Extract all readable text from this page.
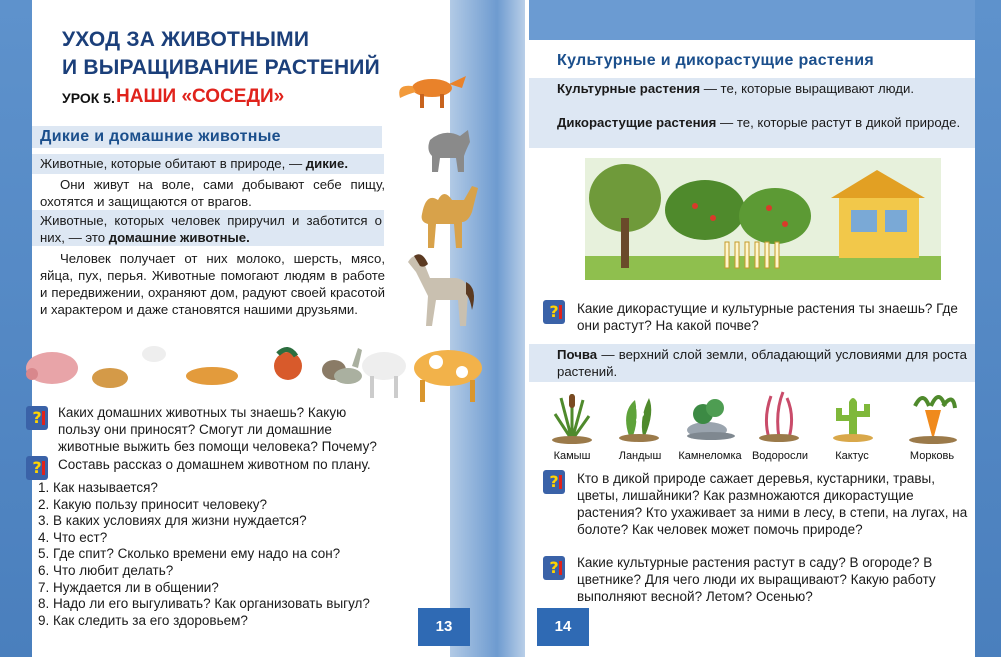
УХОД ЗА ЖИВОТНЫМИ
И ВЫРАЩИВАНИЕ РАСТЕНИЙ
УРОК 5. НАШИ «СОСЕДИ»
Дикие и домашние животные
Животные, которые обитают в природе, — дикие.
Они живут на воле, сами добывают себе пищу, охотятся и защищаются от врагов.
Животные, которых человек приручил и заботится о них, — это домашние животные.
Человек получает от них молоко, шерсть, мясо, яйца, пух, перья. Животные помогают людям в работе и передвижении, охраняют дом, радуют своей красотой и характером и даже становятся нашими друзьями.
?	Каких домашних животных ты знаешь? Какую пользу они приносят? Смогут ли домашние животные выжить без помощи человека? Почему?
?	Составь рассказ о домашнем животном по плану.
1. Как называется?
2. Какую пользу приносит человеку?
3. В каких условиях для жизни нуждается?
4. Что ест?
5. Где спит? Сколько времени ему надо на сон?
6. Что любит делать?
7. Нуждается ли в общении?
8. Надо ли его выгуливать? Как организовать выгул?
9. Как следить за его здоровьем?	13
Культурные и дикорастущие растения
Культурные растения — те, которые выращивают люди.
Дикорастущие растения — те, которые растут в дикой природе.
?	Какие дикорастущие и культурные растения ты знаешь? Где они растут? На какой почве?
Почва — верхний слой земли, обладающий условиями для роста растений.
Камыш	Ландыш	Камнеломка Водоросли	Кактус	Морковь
?	Кто в дикой природе сажает деревья, кустарники, травы, цветы, лишайники? Как размножаются дикорастущие растения? Кто ухаживает за ними в лесу, в степи, на лугах, на болоте? Как человек может помочь природе?
?	Какие культурные растения растут в саду? В огороде? В цветнике? Для чего люди их выращивают? Какую работу выполняют весной? Летом? Осенью?
14
